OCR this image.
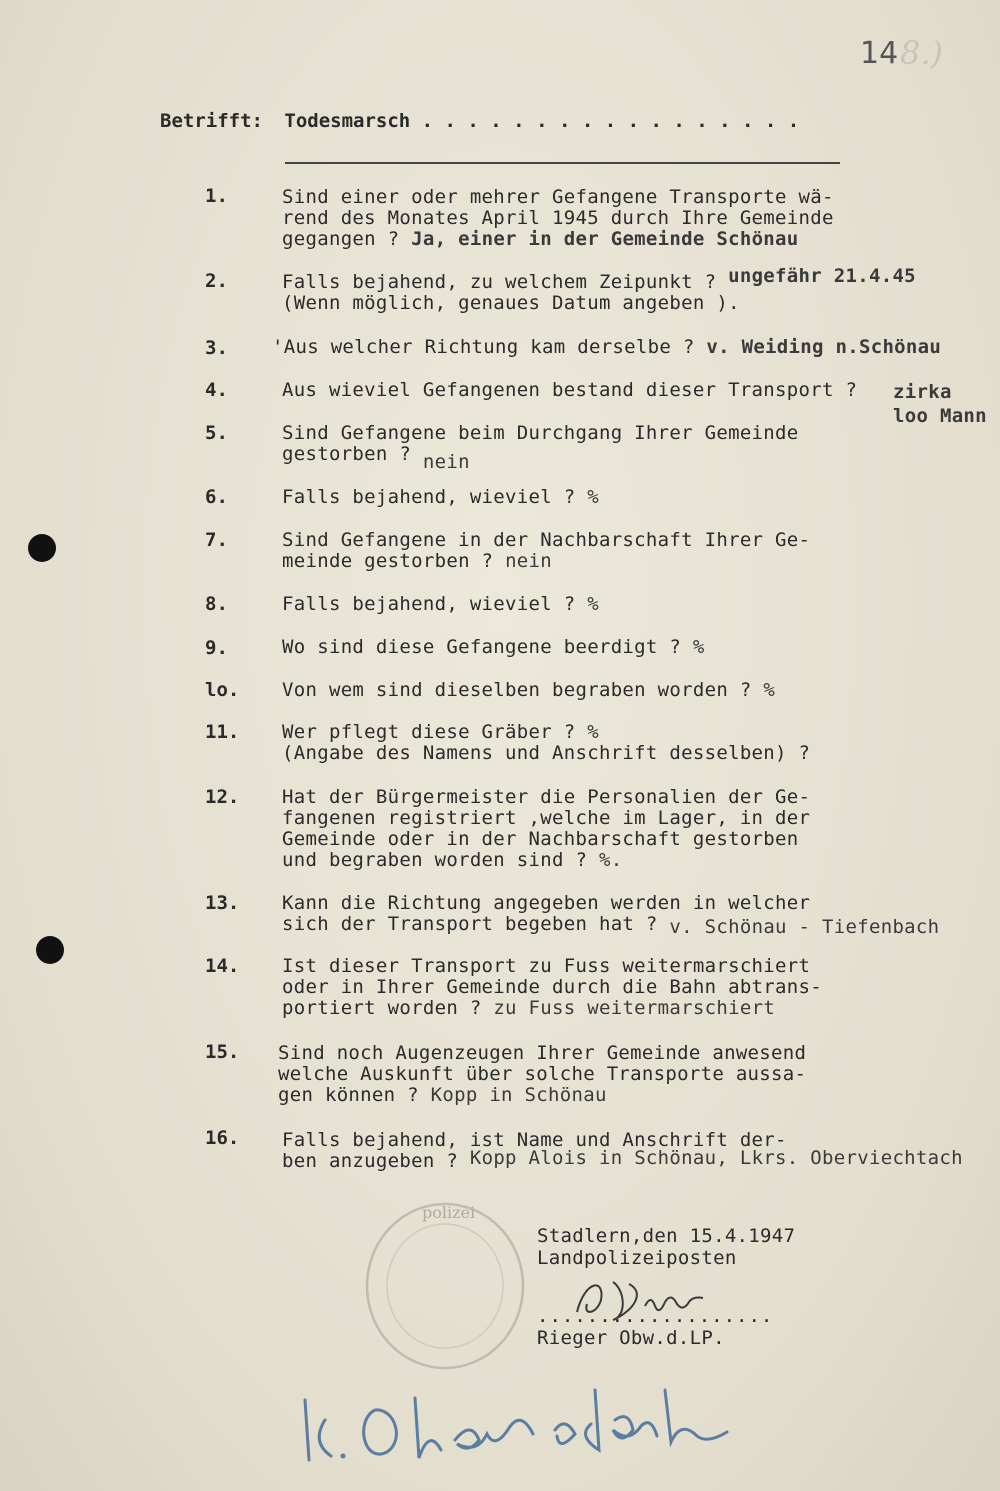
14 8.)
Betrifft: Todesmarsch . . . . . . . . . . . . . . . . .
1.	Sind einer oder mehrer Gefangene Transporte wä-
rend des Monates April 1945 durch Ihre Gemeinde
gegangen ? Ja, einer in der Gemeinde Schönau
2.	Falls bejahend, zu welchem Zeipunkt ? ungefähr 21.4.45
(Wenn möglich, genaues Datum angeben ).
3.	'Aus welcher Richtung kam derselbe ? v. Weiding n.Schönau
4.	Aus wieviel Gefangenen bestand dieser Transport ?	zirka
loo Mann
5.	Sind Gefangene beim Durchgang Ihrer Gemeinde
gestorben ? nein
6.	Falls bejahend, wieviel ? %
7.	Sind Gefangene in der Nachbarschaft Ihrer Ge-
meinde gestorben ? nein
8.	Falls bejahend, wieviel ? %
9.	Wo sind diese Gefangene beerdigt ? %
lo.	Von wem sind dieselben begraben worden ? %
11.	Wer pflegt diese Gräber ? %
(Angabe des Namens und Anschrift desselben) ?
12.	Hat der Bürgermeister die Personalien der Ge-
fangenen registriert ,welche im Lager, in der
Gemeinde oder in der Nachbarschaft gestorben
und begraben worden sind ? %.
13.	Kann die Richtung angegeben werden in welcher
sich der Transport begeben hat ? v. Schönau - Tiefenbach
14.	Ist dieser Transport zu Fuss weitermarschiert
oder in Ihrer Gemeinde durch die Bahn abtrans-
portiert worden ? zu Fuss weitermarschiert
15.	Sind noch Augenzeugen Ihrer Gemeinde anwesend
welche Auskunft über solche Transporte aussa-
gen können ? Kopp in Schönau
16.	Falls bejahend, ist Name und Anschrift der-
ben anzugeben ? Kopp Alois in Schönau, Lkrs. Oberviechtach
Stadlern,den 15.4.1947
Landpolizeiposten
...................
Rieger Obw.d.LP.
polizei
